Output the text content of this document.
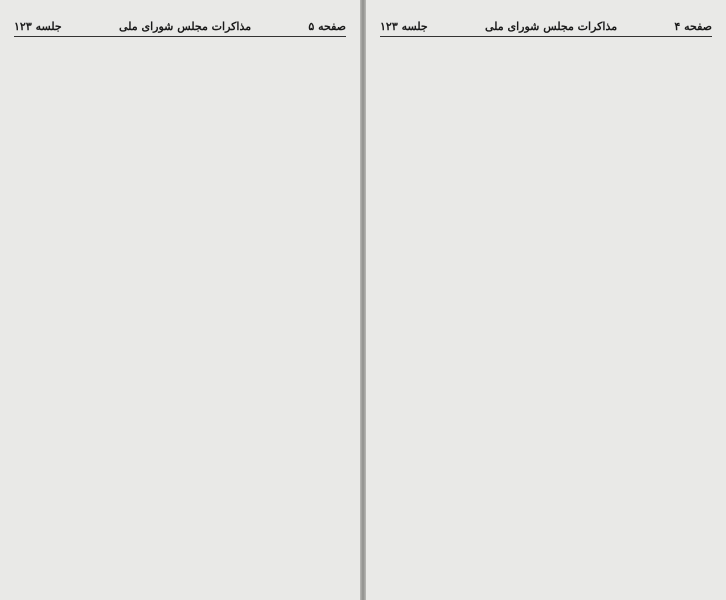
صفحه ۴
مذاکرات مجلس شورای ملی
جلسه ۱۲۳
صفحه ۵
مذاکرات مجلس شورای ملی
جلسه ۱۲۳
